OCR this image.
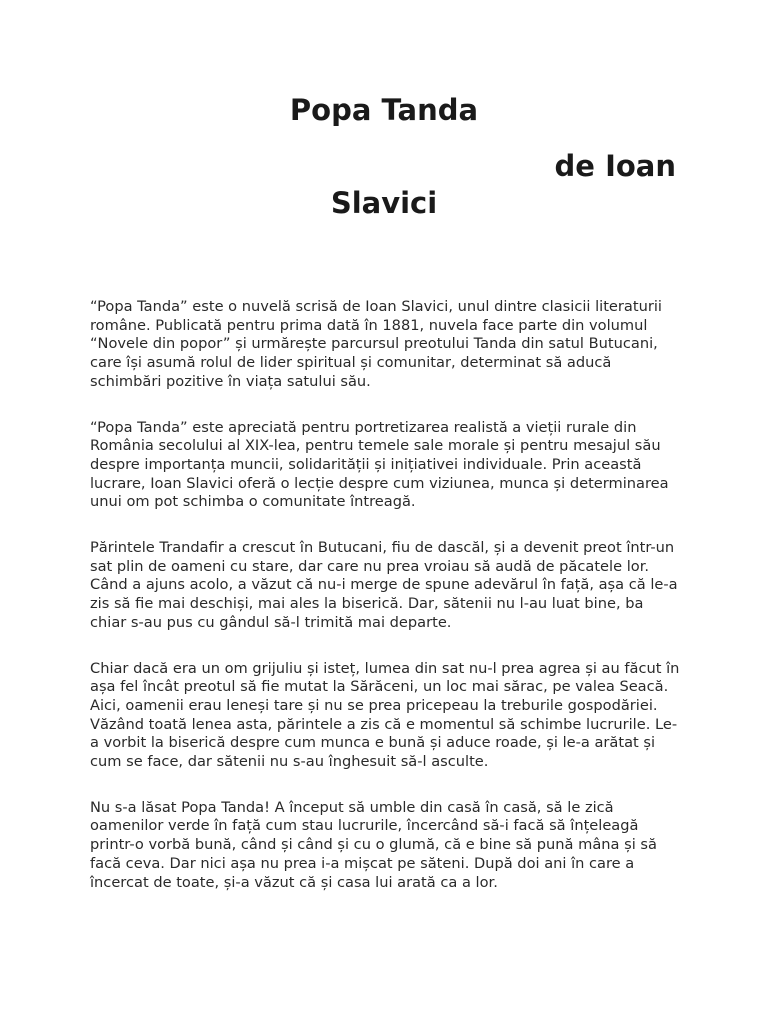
Popa Tanda
de Ioan
Slavici

“Popa Tanda” este o nuvelă scrisă de Ioan Slavici, unul dintre clasicii literaturii române. Publicată pentru prima dată în 1881, nuvela face parte din volumul “Novele din popor” și urmărește parcursul preotului Tanda din satul Butucani, care își asumă rolul de lider spiritual și comunitar, determinat să aducă schimbări pozitive în viața satului său.

“Popa Tanda” este apreciată pentru portretizarea realistă a vieții rurale din România secolului al XIX-lea, pentru temele sale morale și pentru mesajul său despre importanța muncii, solidarității și inițiativei individuale. Prin această lucrare, Ioan Slavici oferă o lecție despre cum viziunea, munca și determinarea unui om pot schimba o comunitate întreagă.

Părintele Trandafir a crescut în Butucani, fiu de dascăl, și a devenit preot într-un sat plin de oameni cu stare, dar care nu prea vroiau să audă de păcatele lor. Când a ajuns acolo, a văzut că nu-i merge de spune adevărul în față, așa că le-a zis să fie mai deschiși, mai ales la biserică. Dar, sătenii nu l-au luat bine, ba chiar s-au pus cu gândul să-l trimită mai departe.

Chiar dacă era un om grijuliu și isteț, lumea din sat nu-l prea agrea și au făcut în așa fel încât preotul să fie mutat la Sărăceni, un loc mai sărac, pe valea Seacă. Aici, oamenii erau leneși tare și nu se prea pricepeau la treburile gospodăriei. Văzând toată lenea asta, părintele a zis că e momentul să schimbe lucrurile. Le-a vorbit la biserică despre cum munca e bună și aduce roade, și le-a arătat și cum se face, dar sătenii nu s-au înghesuit să-l asculte.

Nu s-a lăsat Popa Tanda! A început să umble din casă în casă, să le zică oamenilor verde în față cum stau lucrurile, încercând să-i facă să înțeleagă printr-o vorbă bună, când și când și cu o glumă, că e bine să pună mâna și să facă ceva. Dar nici așa nu prea i-a mișcat pe săteni. După doi ani în care a încercat de toate, și-a văzut că și casa lui arată ca a lor.
